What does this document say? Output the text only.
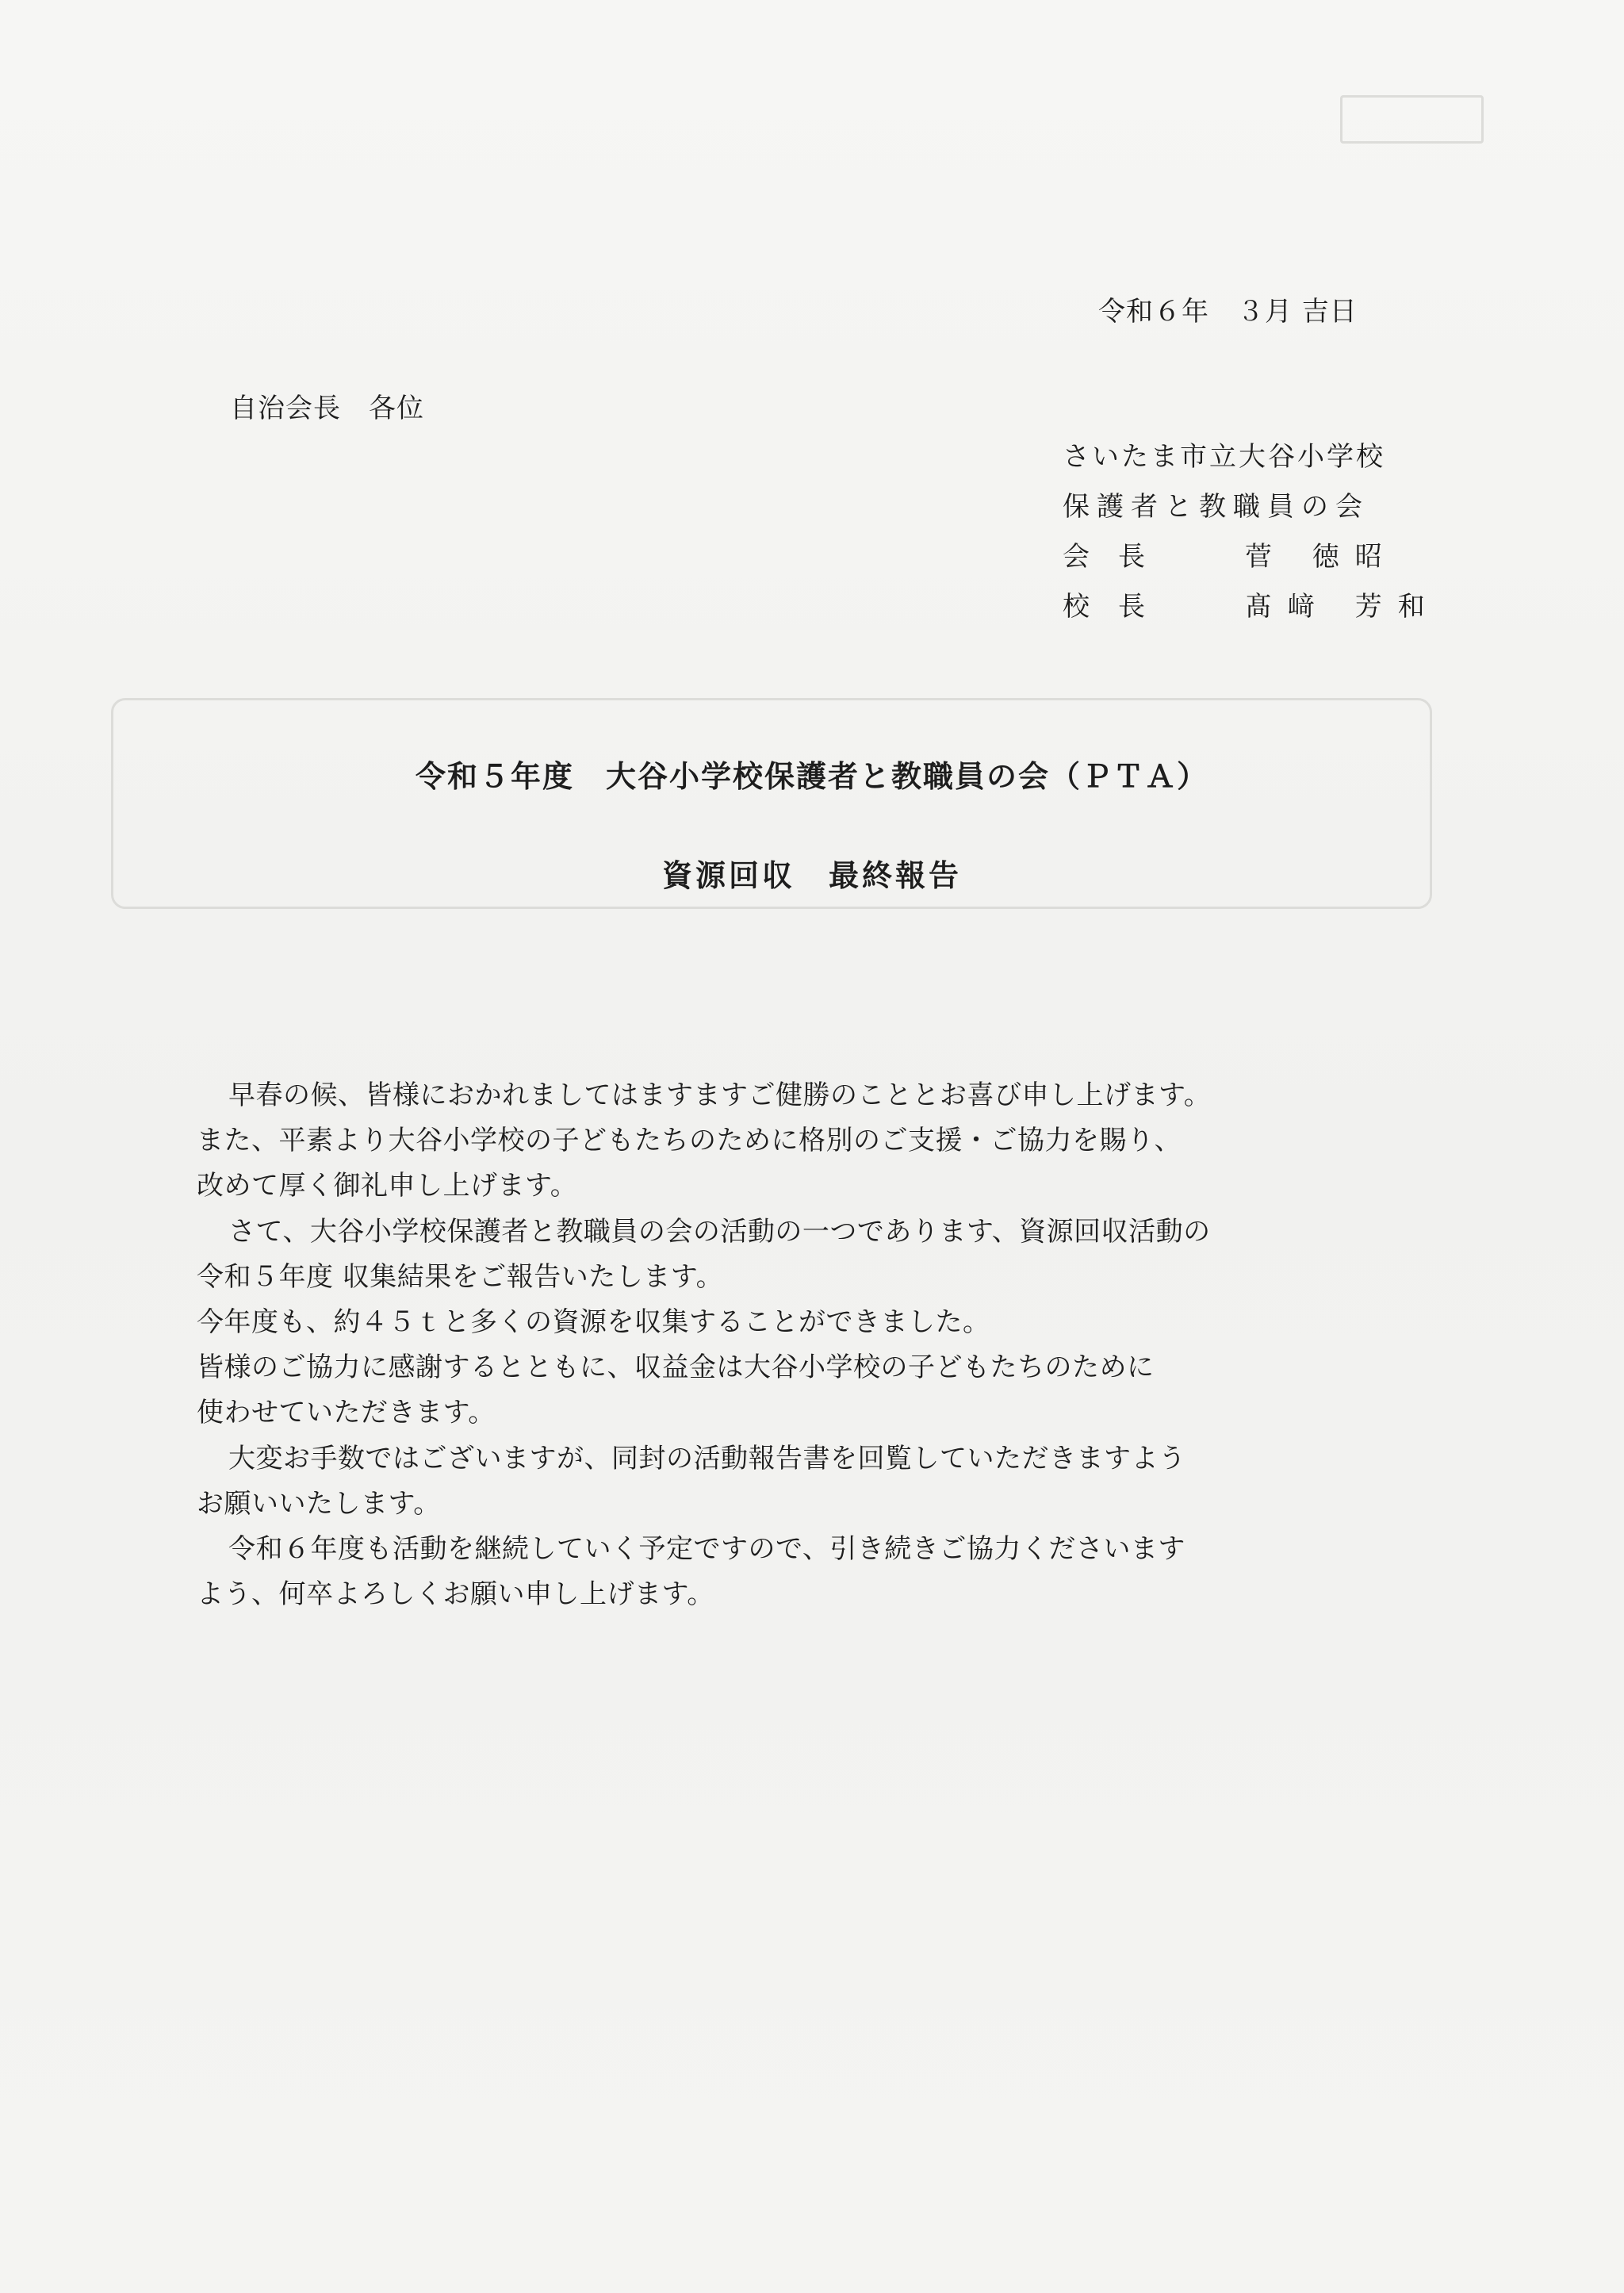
令和６年　３月 吉日
自治会長　各位
さいたま市立大谷小学校
保護者と教職員の会
会長	菅 徳昭
校長	髙﨑 芳和
令和５年度　大谷小学校保護者と教職員の会（ＰＴＡ）
資源回収　最終報告

早春の候、皆様におかれましてはますますご健勝のこととお喜び申し上げます。

また、平素より大谷小学校の子どもたちのために格別のご支援・ご協力を賜り、

改めて厚く御礼申し上げます。

さて、大谷小学校保護者と教職員の会の活動の一つであります、資源回収活動の

令和５年度 収集結果をご報告いたします。

今年度も、約４５ｔと多くの資源を収集することができました。

皆様のご協力に感謝するとともに、収益金は大谷小学校の子どもたちのために

使わせていただきます。

大変お手数ではございますが、同封の活動報告書を回覧していただきますよう

お願いいたします。

令和６年度も活動を継続していく予定ですので、引き続きご協力くださいます

よう、何卒よろしくお願い申し上げます。
